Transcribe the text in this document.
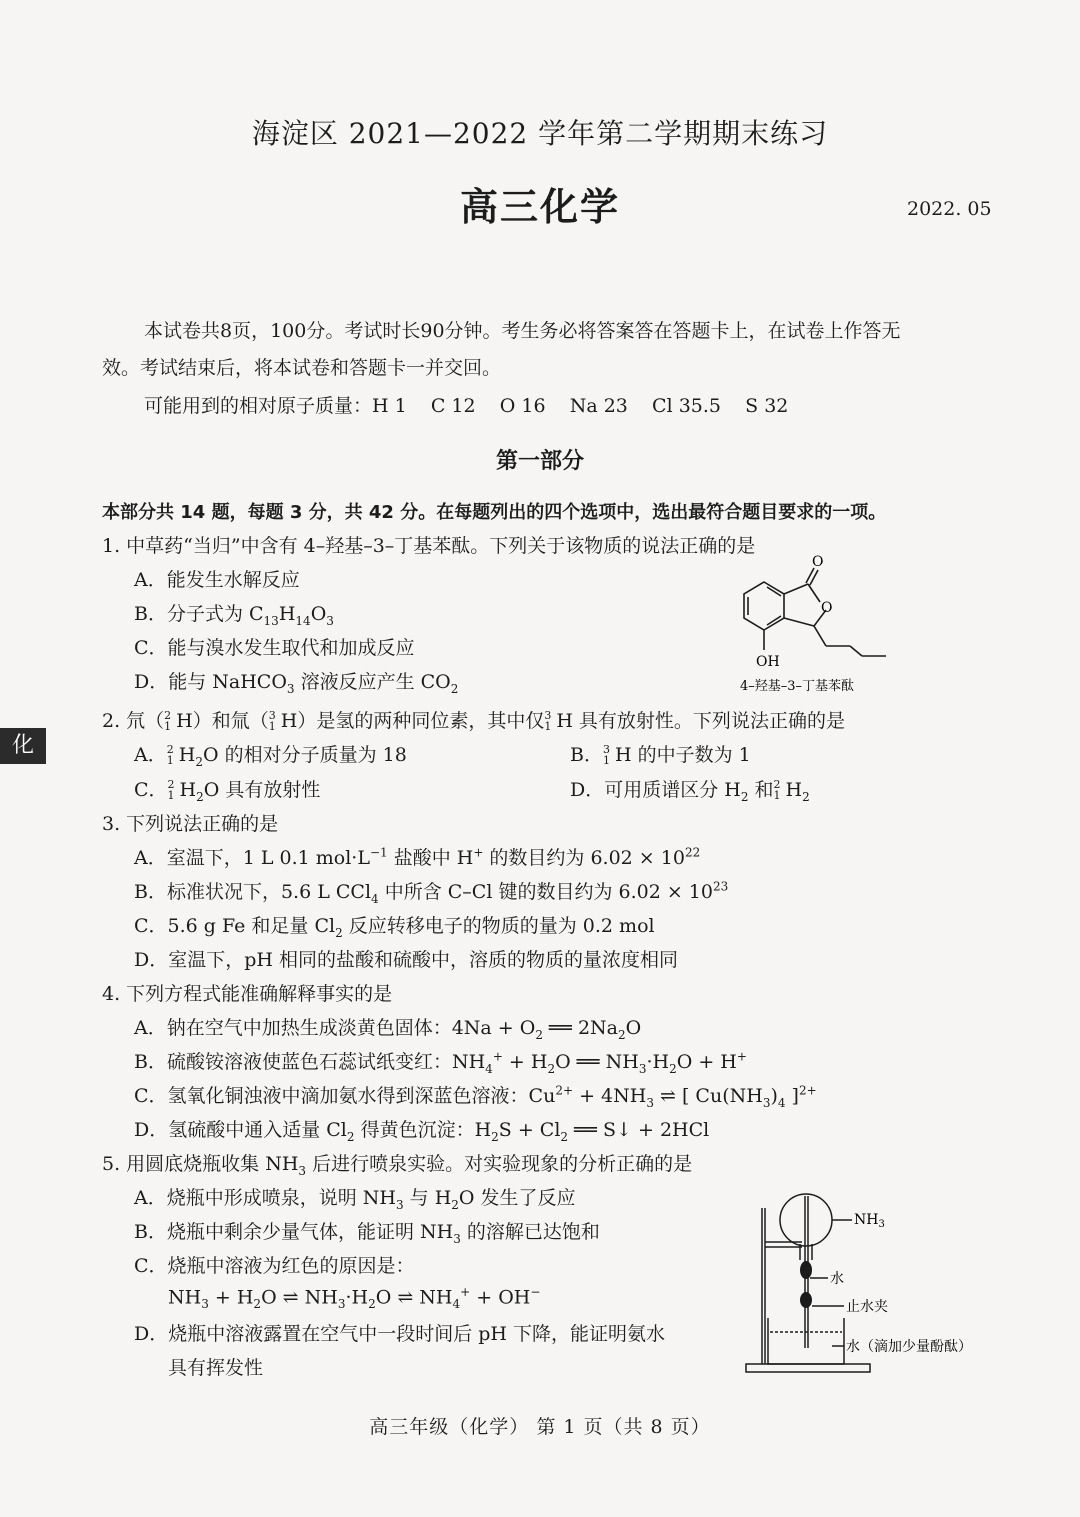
海淀区 2021—2022 学年第二学期期末练习
高三化学	2022. 05
本试卷共8页，100分。考试时长90分钟。考生务必将答案答在答题卡上，在试卷上作答无
效。考试结束后，将本试卷和答题卡一并交回。
可能用到的相对原子质量：H 1    C 12    O 16    Na 23    Cl 35.5    S 32
第一部分
本部分共 14 题，每题 3 分，共 42 分。在每题列出的四个选项中，选出最符合题目要求的一项。
化
1. 中草药“当归”中含有 4–羟基–3–丁基苯酞。下列关于该物质的说法正确的是
A．能发生水解反应
B．分子式为 $C_{13}H_{14}O_3$
C．能与溴水发生取代和加成反应
D．能与 NaHCO$_3$ 溶液反应产生 $CO_2$
O
O
OH
4–羟基–3–丁基苯酞
2. 氘（ 2
1 H）和氚（ 3
1 H）是氢的两种同位素，其中仅 3
1 H 具有放射性。下列说法正确的是
A． 2
1 $H_2O$ 的相对分子质量为 18	B． 3
1 H 的中子数为 1
C． 2
1 $H_2O$ 具有放射性	D．可用质谱区分 $H_2$ 和 2
1 $H_2$
3. 下列说法正确的是
A．室温下，1 L 0.1 $mol\cdot L^{-1}$ 盐酸中 H+ 的数目约为 $6.02 \times 10^{22}$
B．标准状况下，5.6 L CCl$_4$ 中所含 C–Cl 键的数目约为 $6.02 \times 10^{23}$
C．5.6 g Fe 和足量 $Cl_2$ 反应转移电子的物质的量为 0.2 mol
D．室温下，pH 相同的盐酸和硫酸中，溶质的物质的量浓度相同
4. 下列方程式能准确解释事实的是
A．钠在空气中加热生成淡黄色固体：$4Na + O_2$ ══ $2Na_2O$
B．硫酸铵溶液使蓝色石蕊试纸变红：$NH_4^+ + H_2O$ ══ $NH_3\cdot H_2O + H^+$
C．氢氧化铜浊液中滴加氨水得到深蓝色溶液：$Cu^{2+} + 4NH_3$ ⇌ [ $Cu(NH_3)_4$ ]$^{2+}$
D．氢硫酸中通入适量 $Cl_2$ 得黄色沉淀：$H_2S + Cl_2$ ══ S↓ + 2HCl
5. 用圆底烧瓶收集 $NH_3$ 后进行喷泉实验。对实验现象的分析正确的是
A．烧瓶中形成喷泉，说明 $NH_3$ 与 $H_2O$ 发生了反应
B．烧瓶中剩余少量气体，能证明 $NH_3$ 的溶解已达饱和
C．烧瓶中溶液为红色的原因是：
$NH_3 + H_2O$ ⇌ $NH_3\cdot H_2O$ ⇌ $NH_4^+ + OH^-$
D．烧瓶中溶液露置在空气中一段时间后 pH 下降，能证明氨水
具有挥发性
$NH_3$
水
止水夹
水（滴加少量酚酞）
高三年级（化学） 第 1 页（共 8 页）
